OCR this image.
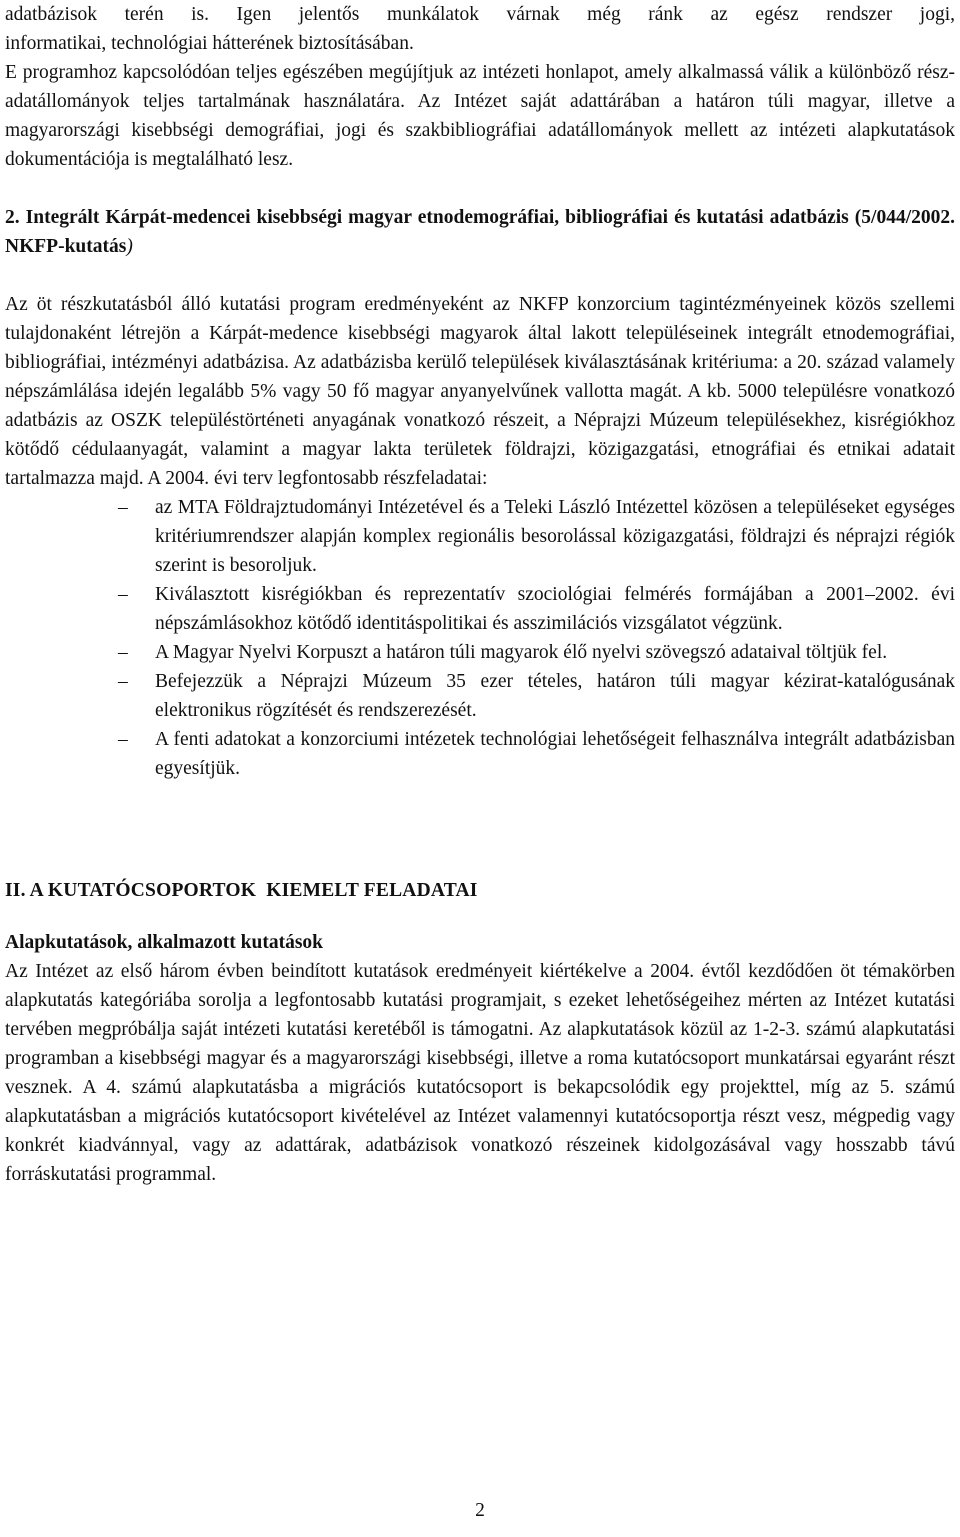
adatbázisok terén is. Igen jelentős munkálatok várnak még ránk az egész rendszer jogi,

informatikai, technológiai hátterének biztosításában.

E programhoz kapcsolódóan teljes egészében megújítjuk az intézeti honlapot, amely alkalmassá válik a különböző rész-adatállományok teljes tartalmának használatára. Az Intézet saját adattárában a határon túli magyar, illetve a magyarországi kisebbségi demográfiai, jogi és szakbibliográfiai adatállományok mellett az intézeti alapkutatások dokumentációja is megtalálható lesz.

2. Integrált Kárpát-medencei kisebbségi magyar etnodemográfiai, bibliográfiai és kutatási adatbázis (5/044/2002. NKFP-kutatás)

Az öt részkutatásból álló kutatási program eredményeként az NKFP konzorcium tagintézményeinek közös szellemi tulajdonaként létrejön a Kárpát-medence kisebbségi magyarok által lakott településeinek integrált etnodemográfiai, bibliográfiai, intézményi adatbázisa. Az adatbázisba kerülő települések kiválasztásának kritériuma: a 20. század valamely népszámlálása idején legalább 5% vagy 50 fő magyar anyanyelvűnek vallotta magát. A kb. 5000 településre vonatkozó adatbázis az OSZK településtörténeti anyagának vonatkozó részeit, a Néprajzi Múzeum településekhez, kisrégiókhoz kötődő cédulaanyagát, valamint a magyar lakta területek földrajzi, közigazgatási, etnográfiai és etnikai adatait tartalmazza majd. A 2004. évi terv legfontosabb részfeladatai:

– az MTA Földrajztudományi Intézetével és a Teleki László Intézettel közösen a településeket egységes kritériumrendszer alapján komplex regionális besorolással közigazgatási, földrajzi és néprajzi régiók szerint is besoroljuk.
– Kiválasztott kisrégiókban és reprezentatív szociológiai felmérés formájában a 2001–2002. évi népszámlásokhoz kötődő identitáspolitikai és asszimilációs vizsgálatot végzünk.
– A Magyar Nyelvi Korpuszt a határon túli magyarok élő nyelvi szövegszó adataival töltjük fel.
– Befejezzük a Néprajzi Múzeum 35 ezer tételes, határon túli magyar kézirat-katalógusának elektronikus rögzítését és rendszerezését.
– A fenti adatokat a konzorciumi intézetek technológiai lehetőségeit felhasználva integrált adatbázisban egyesítjük.

II. A KUTATÓCSOPORTOK  KIEMELT FELADATAI

Alapkutatások, alkalmazott kutatások

Az Intézet az első három évben beindított kutatások eredményeit kiértékelve a 2004. évtől kezdődően öt témakörben alapkutatás kategóriába sorolja a legfontosabb kutatási programjait, s ezeket lehetőségeihez mérten az Intézet kutatási tervében megpróbálja saját intézeti kutatási keretéből is támogatni. Az alapkutatások közül az 1-2-3. számú alapkutatási programban a kisebbségi magyar és a magyarországi kisebbségi, illetve a roma kutatócsoport munkatársai egyaránt részt vesznek. A 4. számú alapkutatásba a migrációs kutatócsoport is bekapcsolódik egy projekttel, míg az 5. számú alapkutatásban a migrációs kutatócsoport kivételével az Intézet valamennyi kutatócsoportja részt vesz, mégpedig vagy konkrét kiadvánnyal, vagy az adattárak, adatbázisok vonatkozó részeinek kidolgozásával vagy hosszabb távú forráskutatási programmal.

2
